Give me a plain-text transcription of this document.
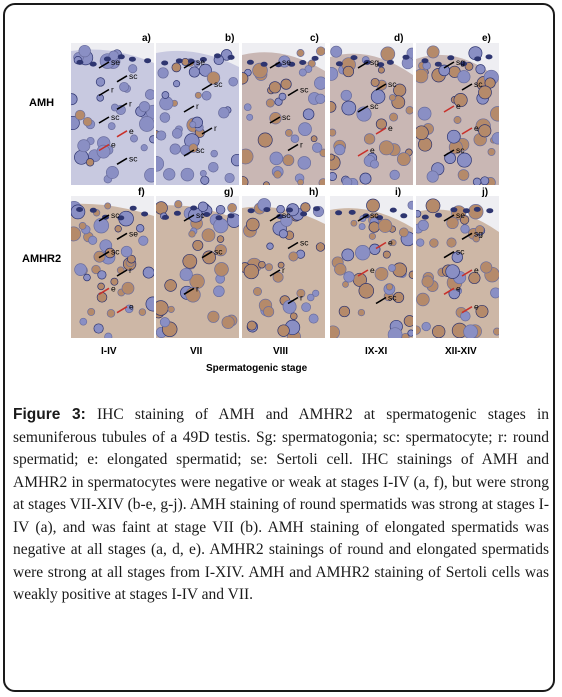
AMH
AMHR2
se
sc
r
r
sc
e
e
sc
se
sc
r
r
sc
se
sc
sc
r
sg
sc
sc
e
e
sg
sc
e
e
sc
sc
se
sc
r
e
e
sc
sc
r
sc
sc
r
r
sc
e
e
sc
se
sg
sc
e
e
e
a)	b)	c)	d)	e)
f)	g)	h)	i)	j)
I-IV	VII	VIII	IX-XI	XII-XIV
Spermatogenic stage
Figure 3: IHC staining of AMH and AMHR2 at spermatogenic stages in semuniferous tubules of a 49D testis. Sg: spermatogonia; sc: spermatocyte; r: round spermatid; e: elongated spermatid; se: Sertoli cell. IHC stainings of AMH and AMHR2 in spermatocytes were negative or weak at stages I-IV (a, f), but were strong at stages VII-XIV (b-e, g-j). AMH staining of round spermatids was strong at stages I-IV (a), and was faint at stage VII (b). AMH staining of elongated spermatids was negative at all stages (a, d, e). AMHR2 stainings of round and elongated spermatids were strong at all stages from I-XIV. AMH and AMHR2 staining of Sertoli cells was weakly positive at stages I-IV and VII.
